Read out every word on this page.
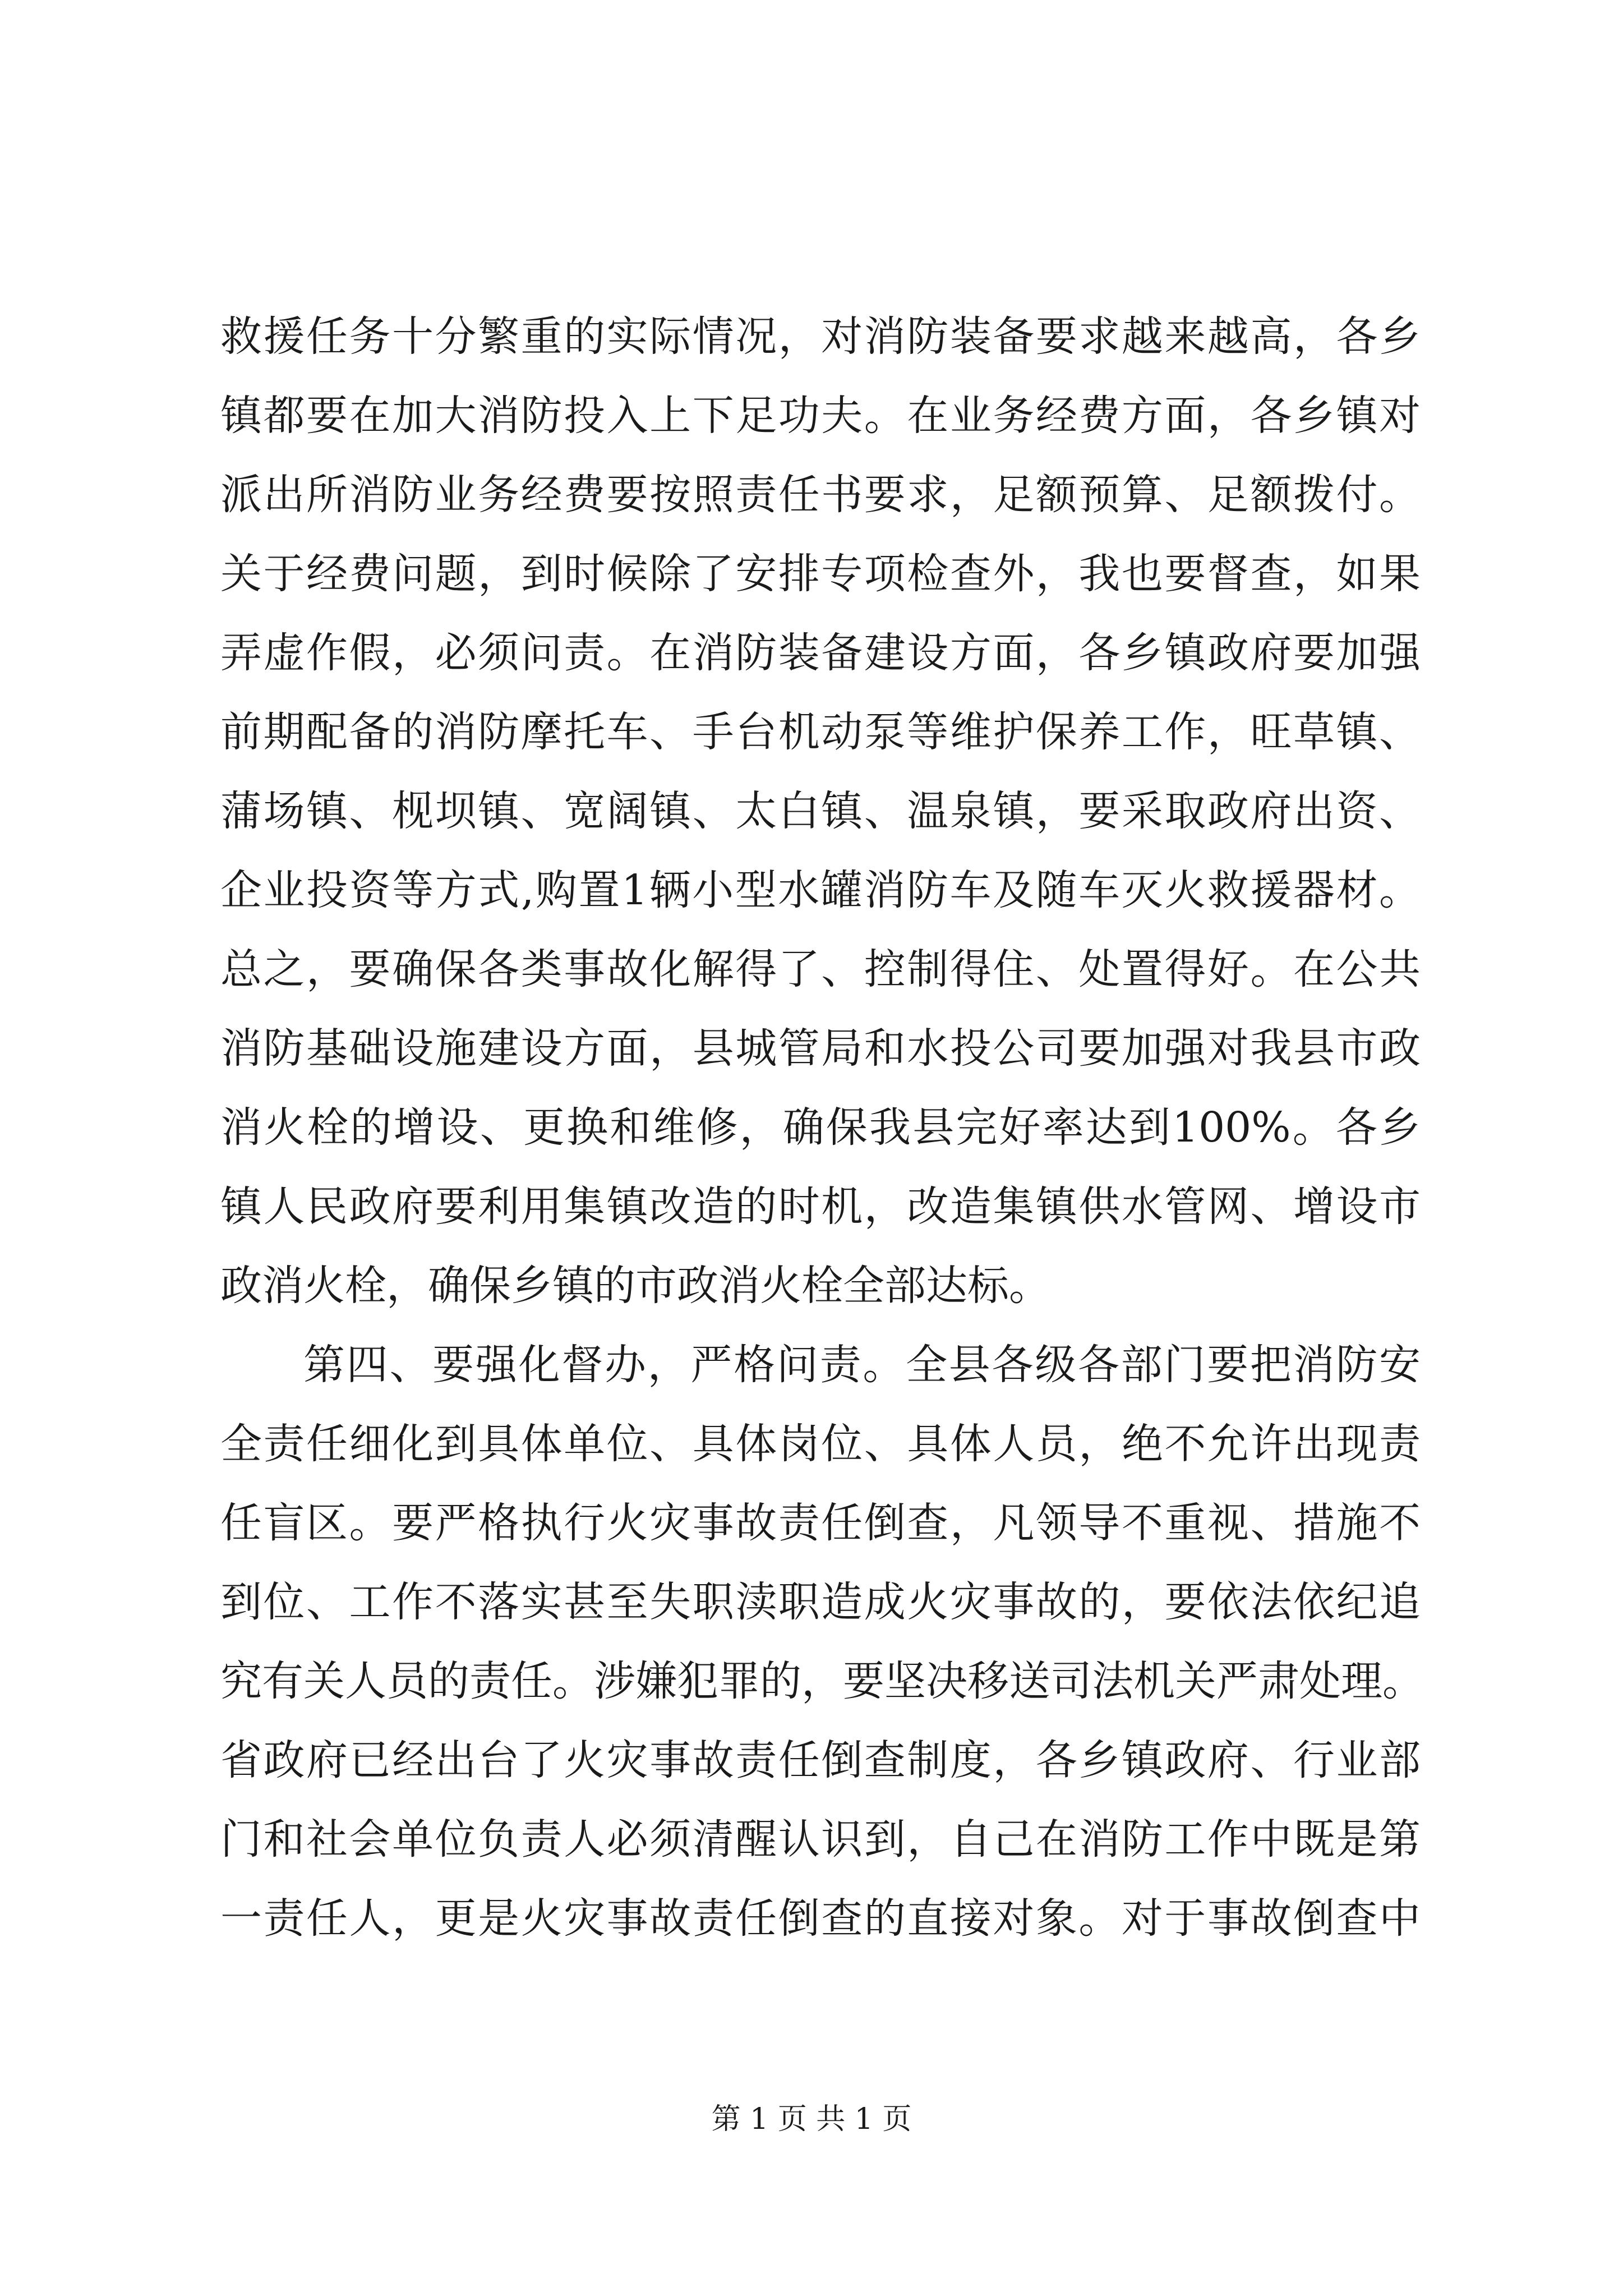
救援任务十分繁重的实际情况，对消防装备要求越来越高，各乡
镇都要在加大消防投入上下足功夫。在业务经费方面，各乡镇对
派出所消防业务经费要按照责任书要求，足额预算、足额拨付。
关于经费问题，到时候除了安排专项检查外，我也要督查，如果
弄虚作假，必须问责。在消防装备建设方面，各乡镇政府要加强
前期配备的消防摩托车、手台机动泵等维护保养工作，旺草镇、
蒲场镇、枧坝镇、宽阔镇、太白镇、温泉镇，要采取政府出资、
企业投资等方式,购置1辆小型水罐消防车及随车灭火救援器材。
总之，要确保各类事故化解得了、控制得住、处置得好。在公共
消防基础设施建设方面，县城管局和水投公司要加强对我县市政
消火栓的增设、更换和维修，确保我县完好率达到100%。各乡
镇人民政府要利用集镇改造的时机，改造集镇供水管网、增设市
政消火栓，确保乡镇的市政消火栓全部达标。
第四、要强化督办，严格问责。全县各级各部门要把消防安
全责任细化到具体单位、具体岗位、具体人员，绝不允许出现责
任盲区。要严格执行火灾事故责任倒查，凡领导不重视、措施不
到位、工作不落实甚至失职渎职造成火灾事故的，要依法依纪追
究有关人员的责任。涉嫌犯罪的，要坚决移送司法机关严肃处理。
省政府已经出台了火灾事故责任倒查制度，各乡镇政府、行业部
门和社会单位负责人必须清醒认识到，自己在消防工作中既是第
一责任人，更是火灾事故责任倒查的直接对象。对于事故倒查中
第 1 页 共 1 页
